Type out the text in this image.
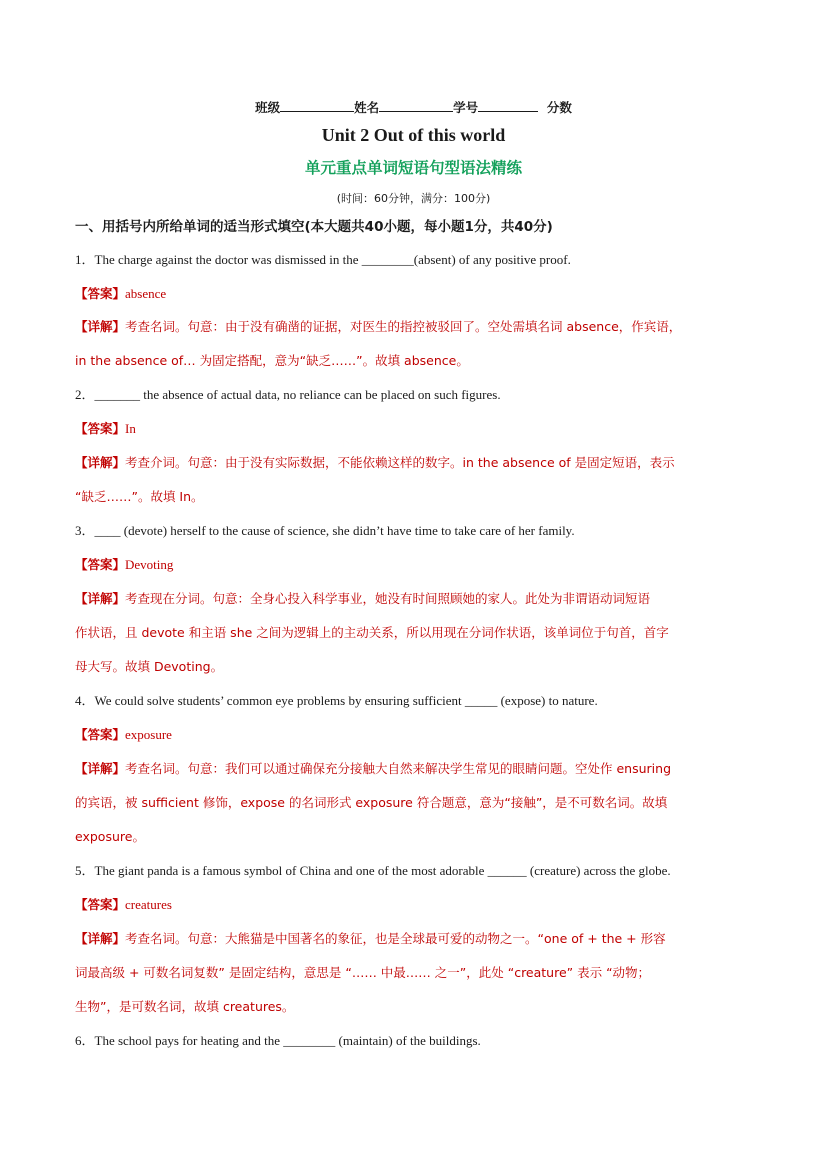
班级	姓名	学号	分数
Unit 2 Out of this world
单元重点单词短语句型语法精练
(时间：60分钟，满分：100分)
一、用括号内所给单词的适当形式填空(本大题共40小题，每小题1分，共40分)
1．The charge against the doctor was dismissed in the ________(absent) of any positive proof.
【答案】absence
【详解】考查名词。句意：由于没有确凿的证据，对医生的指控被驳回了。空处需填名词 absence，作宾语，
in the absence of… 为固定搭配，意为“缺乏……”。故填 absence。
2．_______ the absence of actual data, no reliance can be placed on such figures.
【答案】In
【详解】考查介词。句意：由于没有实际数据，不能依赖这样的数字。in the absence of 是固定短语，表示
“缺乏……”。故填 In。
3．____ (devote) herself to the cause of science, she didn’t have time to take care of her family.
【答案】Devoting
【详解】考查现在分词。句意：全身心投入科学事业，她没有时间照顾她的家人。此处为非谓语动词短语
作状语，且 devote 和主语 she 之间为逻辑上的主动关系，所以用现在分词作状语，该单词位于句首，首字
母大写。故填 Devoting。
4．We could solve students’ common eye problems by ensuring sufficient _____ (expose) to nature.
【答案】exposure
【详解】考查名词。句意：我们可以通过确保充分接触大自然来解决学生常见的眼睛问题。空处作 ensuring
的宾语，被 sufficient 修饰，expose 的名词形式 exposure 符合题意，意为“接触”，是不可数名词。故填
exposure。
5．The giant panda is a famous symbol of China and one of the most adorable ______ (creature) across the globe.
【答案】creatures
【详解】考查名词。句意：大熊猫是中国著名的象征，也是全球最可爱的动物之一。“one of + the + 形容
词最高级 + 可数名词复数” 是固定结构，意思是 “…… 中最…… 之一”，此处 “creature” 表示 “动物；
生物”，是可数名词，故填 creatures。
6．The school pays for heating and the ________ (maintain) of the buildings.
